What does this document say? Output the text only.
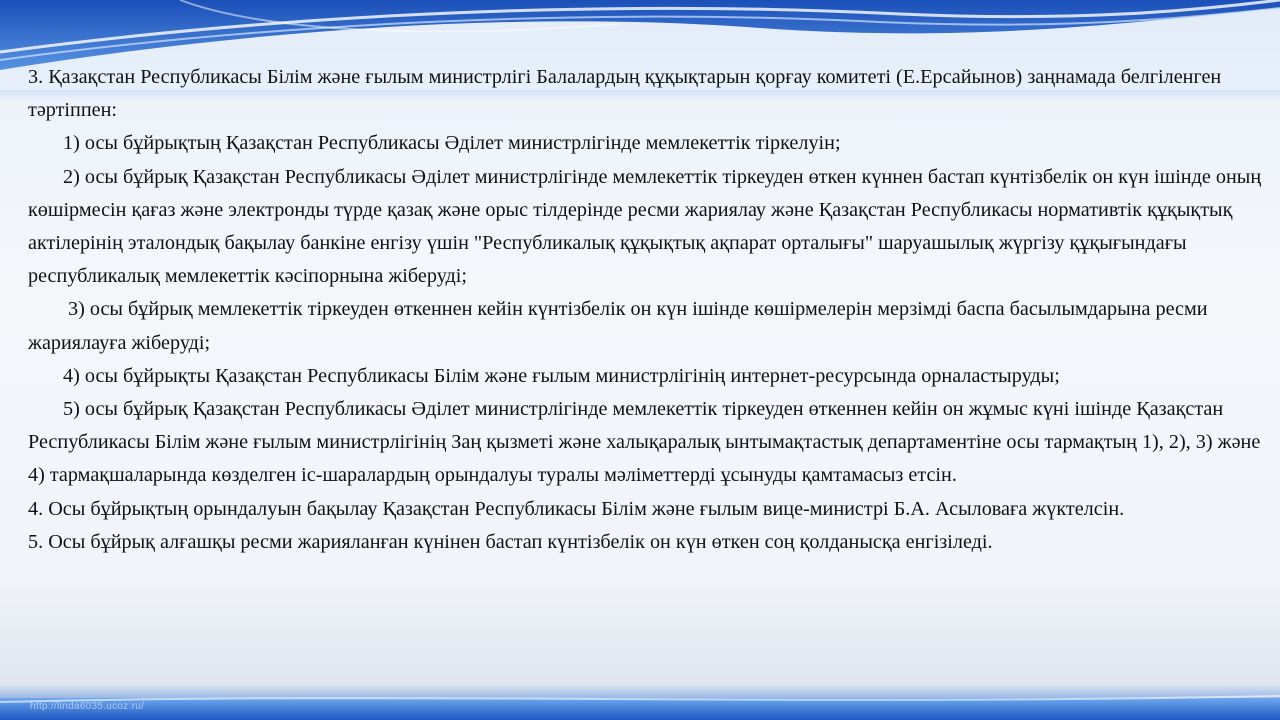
http://linda6035.ucoz.ru/

3. Қазақстан Республикасы Білім және ғылым министрлігі Балалардың құқықтарын қорғау комитеті (Е.Ерсайынов) заңнамада белгіленген тәртіппен:

1) осы бұйрықтың Қазақстан Республикасы Әділет министрлігінде мемлекеттік тіркелуін;

2) осы бұйрық Қазақстан Республикасы Әділет министрлігінде мемлекеттік тіркеуден өткен күннен бастап күнтізбелік он күн ішінде оның көшірмесін қағаз және электронды түрде қазақ және орыс тілдерінде ресми жариялау және Қазақстан Республикасы нормативтік құқықтық актілерінің эталондық бақылау банкіне енгізу үшін "Республикалық құқықтық ақпарат орталығы" шаруашылық жүргізу құқығындағы республикалық мемлекеттік кәсіпорнына жіберуді;

3) осы бұйрық мемлекеттік тіркеуден өткеннен кейін күнтізбелік он күн ішінде көшірмелерін мерзімді баспа басылымдарына ресми жариялауға жіберуді;

4) осы бұйрықты Қазақстан Республикасы Білім және ғылым министрлігінің интернет-ресурсында орналастыруды;

5) осы бұйрық Қазақстан Республикасы Әділет министрлігінде мемлекеттік тіркеуден өткеннен кейін он жұмыс күні ішінде Қазақстан Республикасы Білім және ғылым министрлігінің Заң қызметі және халықаралық ынтымақтастық департаментіне осы тармақтың 1), 2), 3) және 4) тармақшаларында көзделген іс-шаралардың орындалуы туралы мәліметтерді ұсынуды қамтамасыз етсін.

4. Осы бұйрықтың орындалуын бақылау Қазақстан Республикасы Білім және ғылым вице-министрі Б.А. Асыловаға жүктелсін.

5. Осы бұйрық алғашқы ресми жарияланған күнінен бастап күнтізбелік он күн өткен соң қолданысқа енгізіледі.
